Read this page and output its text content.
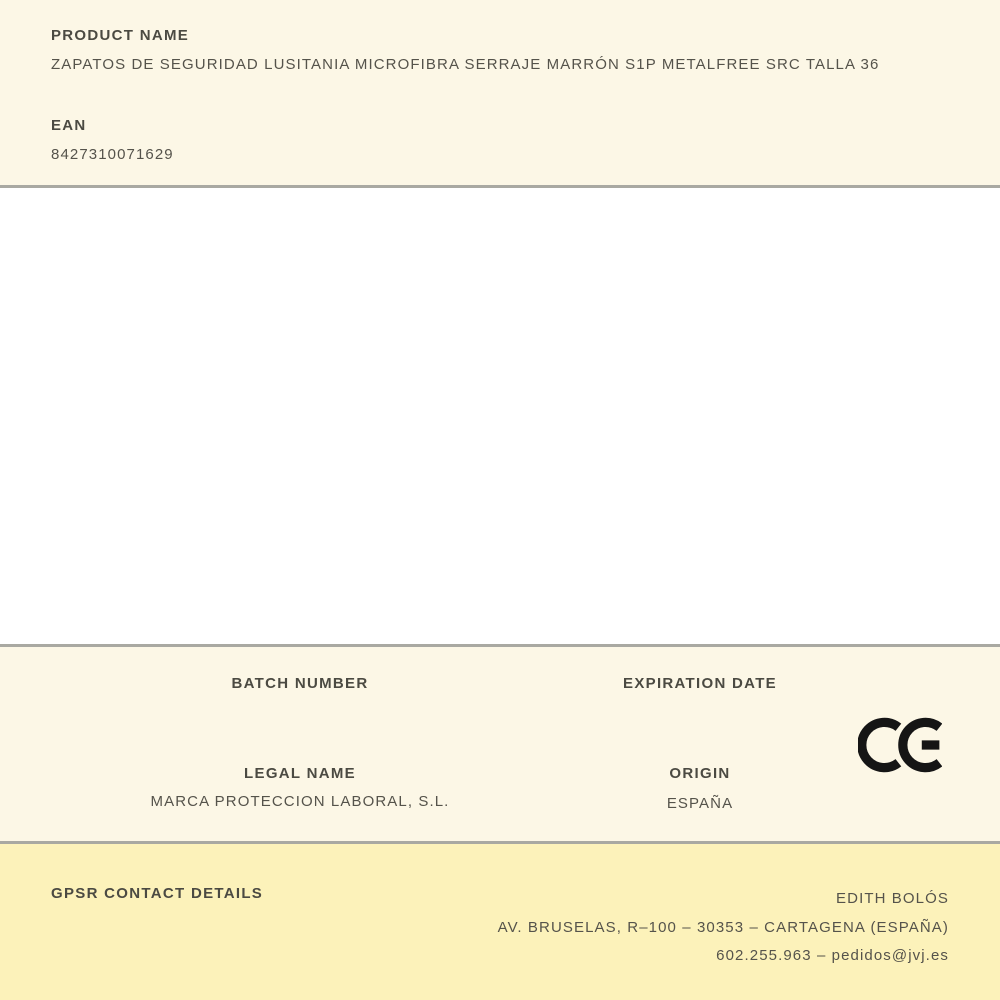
PRODUCT NAME
ZAPATOS DE SEGURIDAD LUSITANIA MICROFIBRA SERRAJE MARRÓN S1P METALFREE SRC TALLA 36
EAN
8427310071629
BATCH NUMBER	EXPIRATION DATE
LEGAL NAME
MARCA PROTECCION LABORAL, S.L.
ORIGIN
ESPAÑA
GPSR CONTACT DETAILS	EDITH BOLÓS
AV. BRUSELAS, R–100 – 30353 – CARTAGENA (ESPAÑA)
602.255.963 – pedidos@jvj.es
